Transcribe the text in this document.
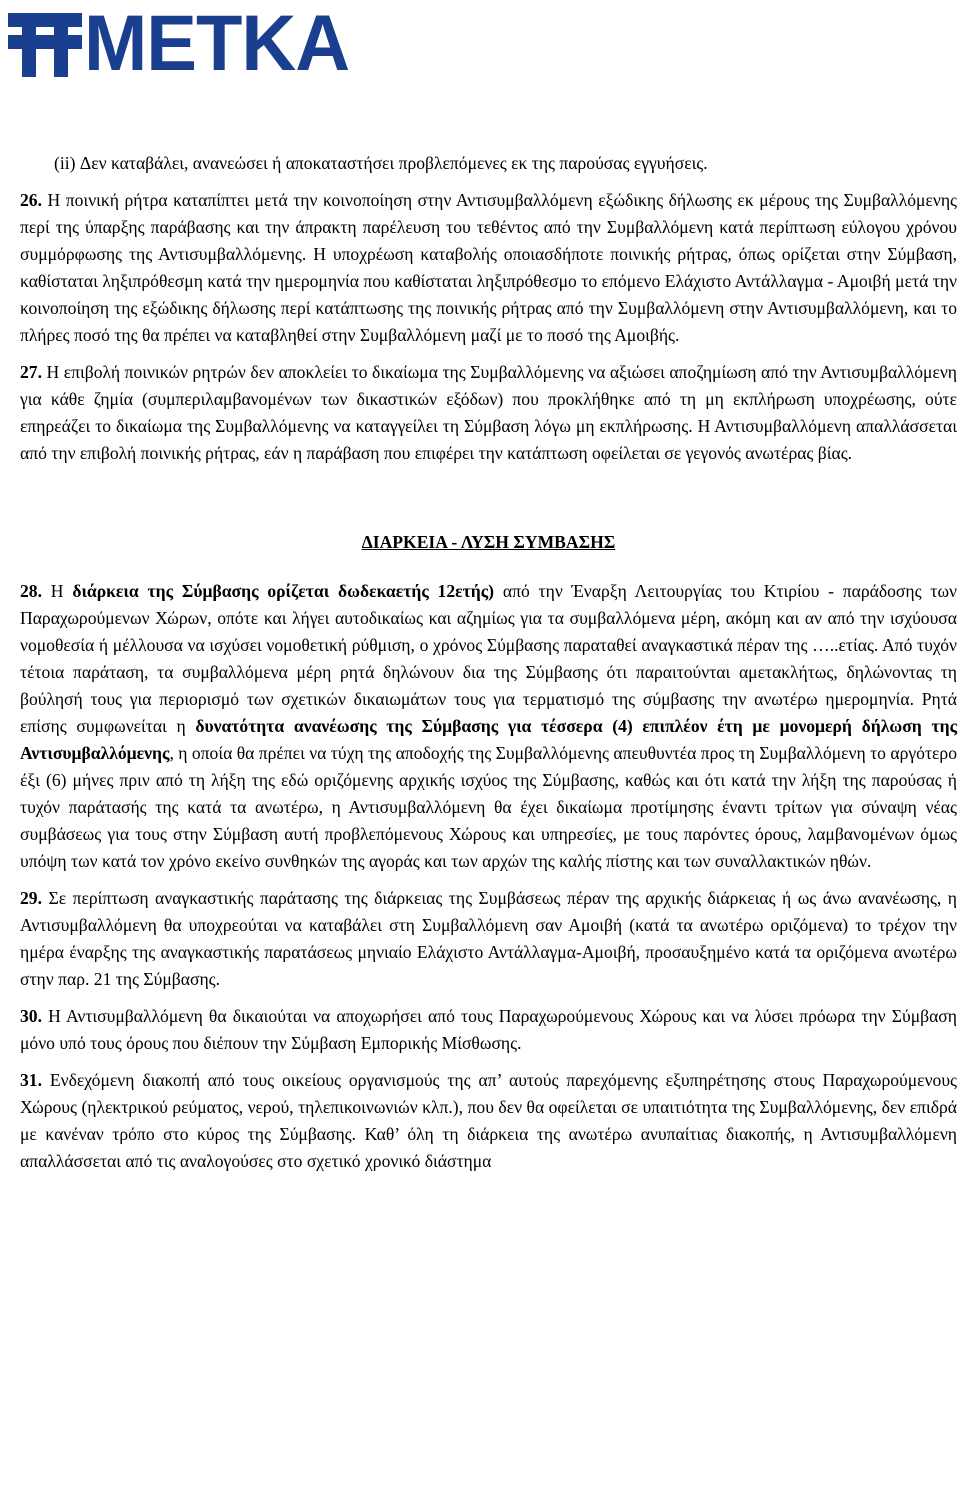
METKA

(ii) Δεν καταβάλει, ανανεώσει ή αποκαταστήσει προβλεπόμενες εκ της παρούσας εγγυήσεις.

26. Η ποινική ρήτρα καταπίπτει μετά την κοινοποίηση στην Αντισυμβαλλόμενη εξώδικης δήλωσης εκ μέρους της Συμβαλλόμενης περί της ύπαρξης παράβασης και την άπρακτη παρέλευση του τεθέντος από την Συμβαλλόμενη κατά περίπτωση εύλογου χρόνου συμμόρφωσης της Αντισυμβαλλόμενης. Η υποχρέωση καταβολής οποιασδήποτε ποινικής ρήτρας, όπως ορίζεται στην Σύμβαση, καθίσταται ληξιπρόθεσμη κατά την ημερομηνία που καθίσταται ληξιπρόθεσμο το επόμενο Ελάχιστο Αντάλλαγμα - Αμοιβή μετά την κοινοποίηση της εξώδικης δήλωσης περί κατάπτωσης της ποινικής ρήτρας από την Συμβαλλόμενη στην Αντισυμβαλλόμενη, και το πλήρες ποσό της θα πρέπει να καταβληθεί στην Συμβαλλόμενη μαζί με το ποσό της Αμοιβής.

27. Η επιβολή ποινικών ρητρών δεν αποκλείει το δικαίωμα της Συμβαλλόμενης να αξιώσει αποζημίωση από την Αντισυμβαλλόμενη για κάθε ζημία (συμπεριλαμβανομένων των δικαστικών εξόδων) που προκλήθηκε από τη μη εκπλήρωση υποχρέωσης, ούτε επηρεάζει το δικαίωμα της Συμβαλλόμενης να καταγγείλει τη Σύμβαση λόγω μη εκπλήρωσης. Η Αντισυμβαλλόμενη απαλλάσσεται από την επιβολή ποινικής ρήτρας, εάν η παράβαση που επιφέρει την κατάπτωση οφείλεται σε γεγονός ανωτέρας βίας.

ΔΙΑΡΚΕΙΑ - ΛΥΣΗ ΣΥΜΒΑΣΗΣ

28. Η διάρκεια της Σύμβασης ορίζεται δωδεκαετής 12ετής) από την Έναρξη Λειτουργίας του Κτιρίου - παράδοσης των Παραχωρούμενων Χώρων, οπότε και λήγει αυτοδικαίως και αζημίως για τα συμβαλλόμενα μέρη, ακόμη και αν από την ισχύουσα νομοθεσία ή μέλλουσα να ισχύσει νομοθετική ρύθμιση, ο χρόνος Σύμβασης παραταθεί αναγκαστικά πέραν της …..ετίας. Από τυχόν τέτοια παράταση, τα συμβαλλόμενα μέρη ρητά δηλώνουν δια της Σύμβασης ότι παραιτούνται αμετακλήτως, δηλώνοντας τη βούλησή τους για περιορισμό των σχετικών δικαιωμάτων τους για τερματισμό της σύμβασης την ανωτέρω ημερομηνία. Ρητά επίσης συμφωνείται η δυνατότητα ανανέωσης της Σύμβασης για τέσσερα (4) επιπλέον έτη με μονομερή δήλωση της Αντισυμβαλλόμενης, η οποία θα πρέπει να τύχη της αποδοχής της Συμβαλλόμενης απευθυντέα προς τη Συμβαλλόμενη το αργότερο έξι (6) μήνες πριν από τη λήξη της εδώ οριζόμενης αρχικής ισχύος της Σύμβασης, καθώς και ότι κατά την λήξη της παρούσας ή τυχόν παράτασής της κατά τα ανωτέρω, η Αντισυμβαλλόμενη θα έχει δικαίωμα προτίμησης έναντι τρίτων για σύναψη νέας συμβάσεως για τους στην Σύμβαση αυτή προβλεπόμενους Χώρους και υπηρεσίες, με τους παρόντες όρους, λαμβανομένων όμως υπόψη των κατά τον χρόνο εκείνο συνθηκών της αγοράς και των αρχών της καλής πίστης και των συναλλακτικών ηθών.

29. Σε περίπτωση αναγκαστικής παράτασης της διάρκειας της Συμβάσεως πέραν της αρχικής διάρκειας ή ως άνω ανανέωσης, η Αντισυμβαλλόμενη θα υποχρεούται να καταβάλει στη Συμβαλλόμενη σαν Αμοιβή (κατά τα ανωτέρω οριζόμενα) το τρέχον την ημέρα έναρξης της αναγκαστικής παρατάσεως μηνιαίο Ελάχιστο Αντάλλαγμα-Αμοιβή, προσαυξημένο κατά τα οριζόμενα ανωτέρω στην παρ. 21 της Σύμβασης.

30. Η Αντισυμβαλλόμενη θα δικαιούται να αποχωρήσει από τους Παραχωρούμενους Χώρους και να λύσει πρόωρα την Σύμβαση μόνο υπό τους όρους που διέπουν την Σύμβαση Εμπορικής Μίσθωσης.

31. Ενδεχόμενη διακοπή από τους οικείους οργανισμούς της απ’ αυτούς παρεχόμενης εξυπηρέτησης στους Παραχωρούμενους Χώρους (ηλεκτρικού ρεύματος, νερού, τηλεπικοινωνιών κλπ.), που δεν θα οφείλεται σε υπαιτιότητα της Συμβαλλόμενης, δεν επιδρά με κανέναν τρόπο στο κύρος της Σύμβασης. Καθ’ όλη τη διάρκεια της ανωτέρω ανυπαίτιας διακοπής, η Αντισυμβαλλόμενη απαλλάσσεται από τις αναλογούσες στο σχετικό χρονικό διάστημα
